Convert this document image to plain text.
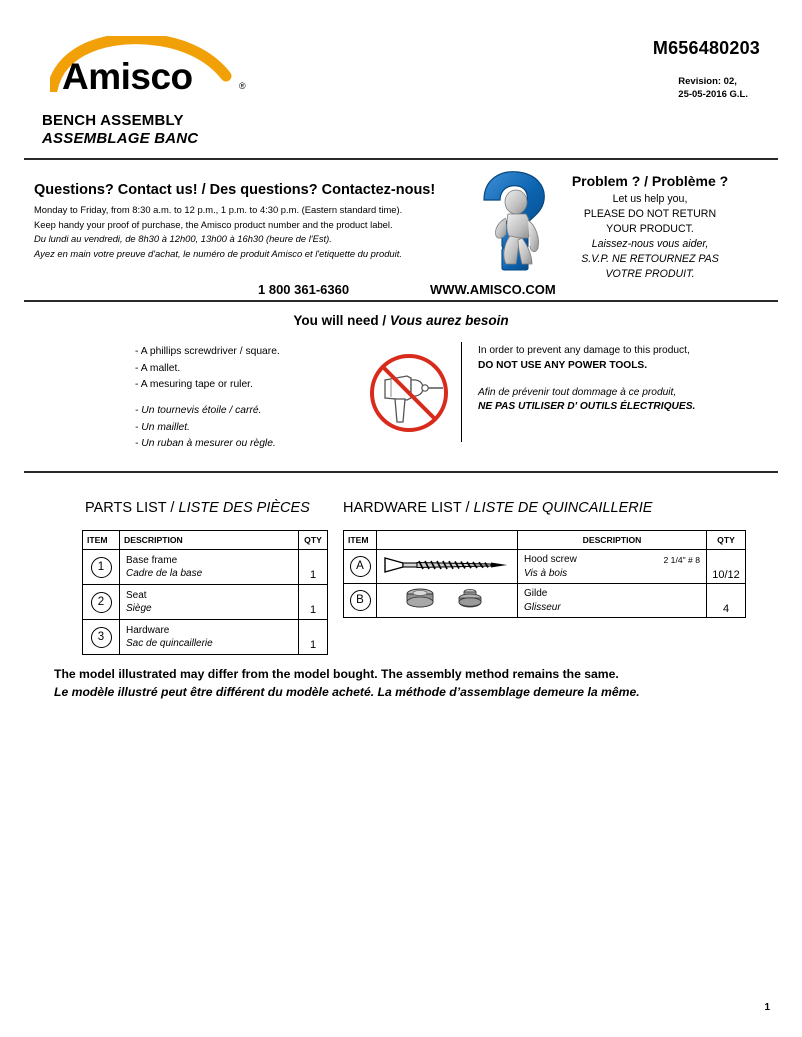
Amisco	®
M656480203
Revision: 02,
25-05-2016 G.L.
BENCH ASSEMBLY
ASSEMBLAGE BANC
Questions? Contact us! / Des questions? Contactez-nous!
Monday to Friday, from 8:30 a.m. to 12 p.m., 1 p.m. to 4:30 p.m. (Eastern standard time).
Keep handy your proof of purchase, the Amisco product number and the product label.
Du lundi au vendredi, de 8h30 à 12h00, 13h00 à 16h30 (heure de l'Est).
Ayez en main votre preuve d'achat, le numéro de produit Amisco et l'etiquette du produit.
Problem ? / Problème ?
Let us help you,
PLEASE DO NOT RETURN
YOUR PRODUCT.
Laissez-nous vous aider,
S.V.P. NE RETOURNEZ PAS
VOTRE PRODUIT.
1 800 361-6360	WWW.AMISCO.COM
You will need / Vous aurez besoin
- A phillips screwdriver / square.
- A mallet.
- A mesuring tape or ruler.
- Un tournevis étoile / carré.
- Un maillet.
- Un ruban à mesurer ou règle.
In order to prevent any damage to this product,
DO NOT USE ANY POWER TOOLS.
Afin de prévenir tout dommage à ce produit,
NE PAS UTILISER D' OUTILS ÉLECTRIQUES.
PARTS LIST / LISTE DES PIÈCES
ITEM	DESCRIPTION	QTY
1	Base frame
Cadre de la base	1
2	Seat
Siège	1
3	Hardware
Sac de quincaillerie	1
HARDWARE LIST / LISTE DE QUINCAILLERIE
ITEM		DESCRIPTION	QTY
A		Hood screw
Vis à bois
2 1/4" # 8	10/12
B		Gilde
Glisseur	4
The model illustrated may differ from the model bought. The assembly method remains the same.
Le modèle illustré peut être différent du modèle acheté. La méthode d’assemblage demeure la même.
1
